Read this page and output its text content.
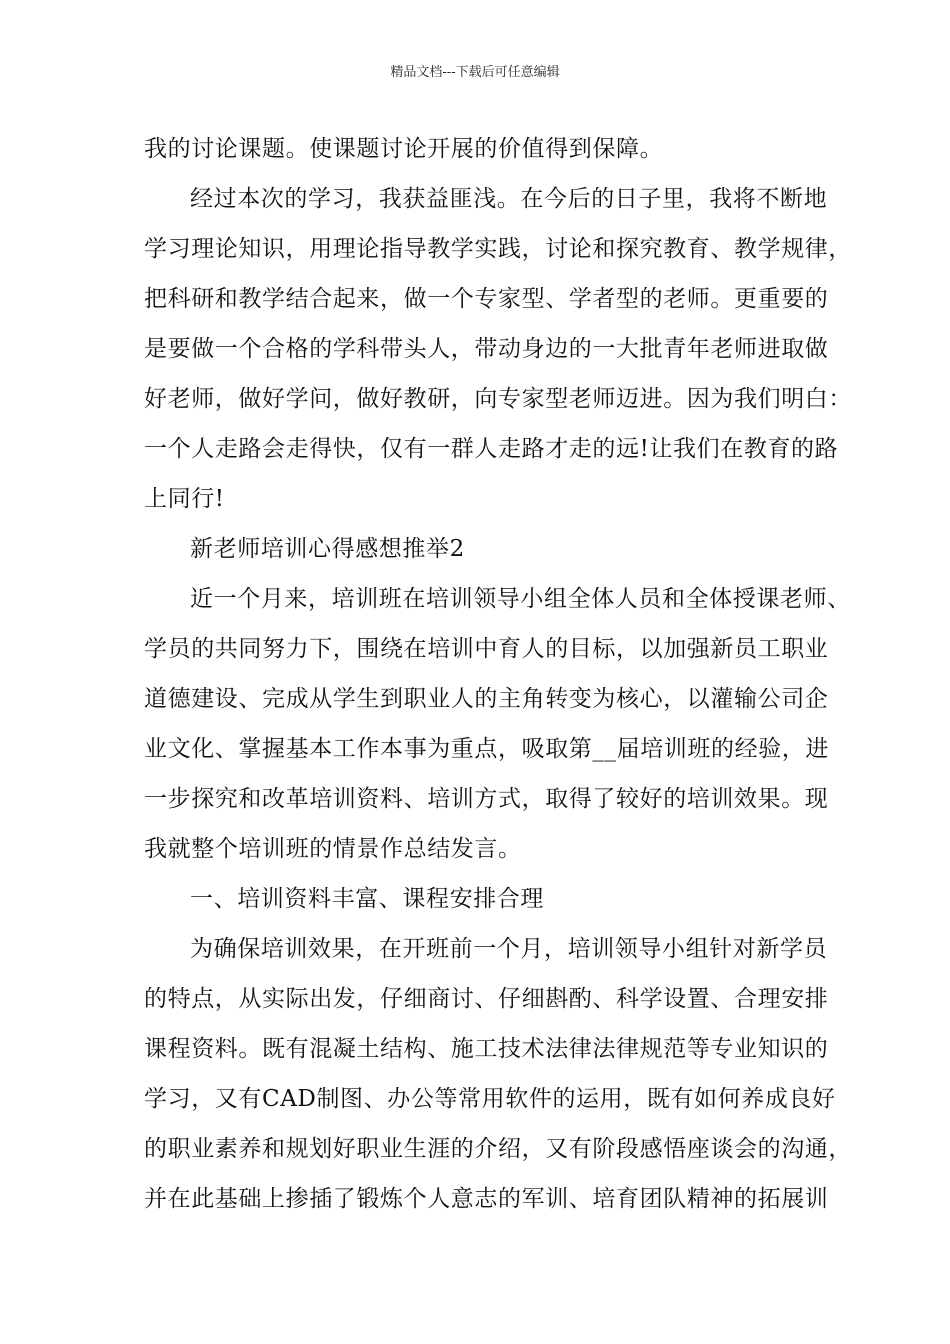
精品文档---下载后可任意编辑
我的讨论课题。使课题讨论开展的价值得到保障。
经过本次的学习，我获益匪浅。在今后的日子里，我将不断地
学习理论知识，用理论指导教学实践，讨论和探究教育、教学规律，
把科研和教学结合起来，做一个专家型、学者型的老师。更重要的
是要做一个合格的学科带头人，带动身边的一大批青年老师进取做
好老师，做好学问，做好教研，向专家型老师迈进。因为我们明白：
一个人走路会走得快，仅有一群人走路才走的远!让我们在教育的路
上同行!
新老师培训心得感想推举2
近一个月来，培训班在培训领导小组全体人员和全体授课老师、
学员的共同努力下，围绕在培训中育人的目标，以加强新员工职业
道德建设、完成从学生到职业人的主角转变为核心，以灌输公司企
业文化、掌握基本工作本事为重点，吸取第__届培训班的经验，进
一步探究和改革培训资料、培训方式，取得了较好的培训效果。现
我就整个培训班的情景作总结发言。
一、培训资料丰富、课程安排合理
为确保培训效果，在开班前一个月，培训领导小组针对新学员
的特点，从实际出发，仔细商讨、仔细斟酌、科学设置、合理安排
课程资料。既有混凝土结构、施工技术法律法律规范等专业知识的
学习，又有CAD制图、办公等常用软件的运用，既有如何养成良好
的职业素养和规划好职业生涯的介绍，又有阶段感悟座谈会的沟通，
并在此基础上掺插了锻炼个人意志的军训、培育团队精神的拓展训
